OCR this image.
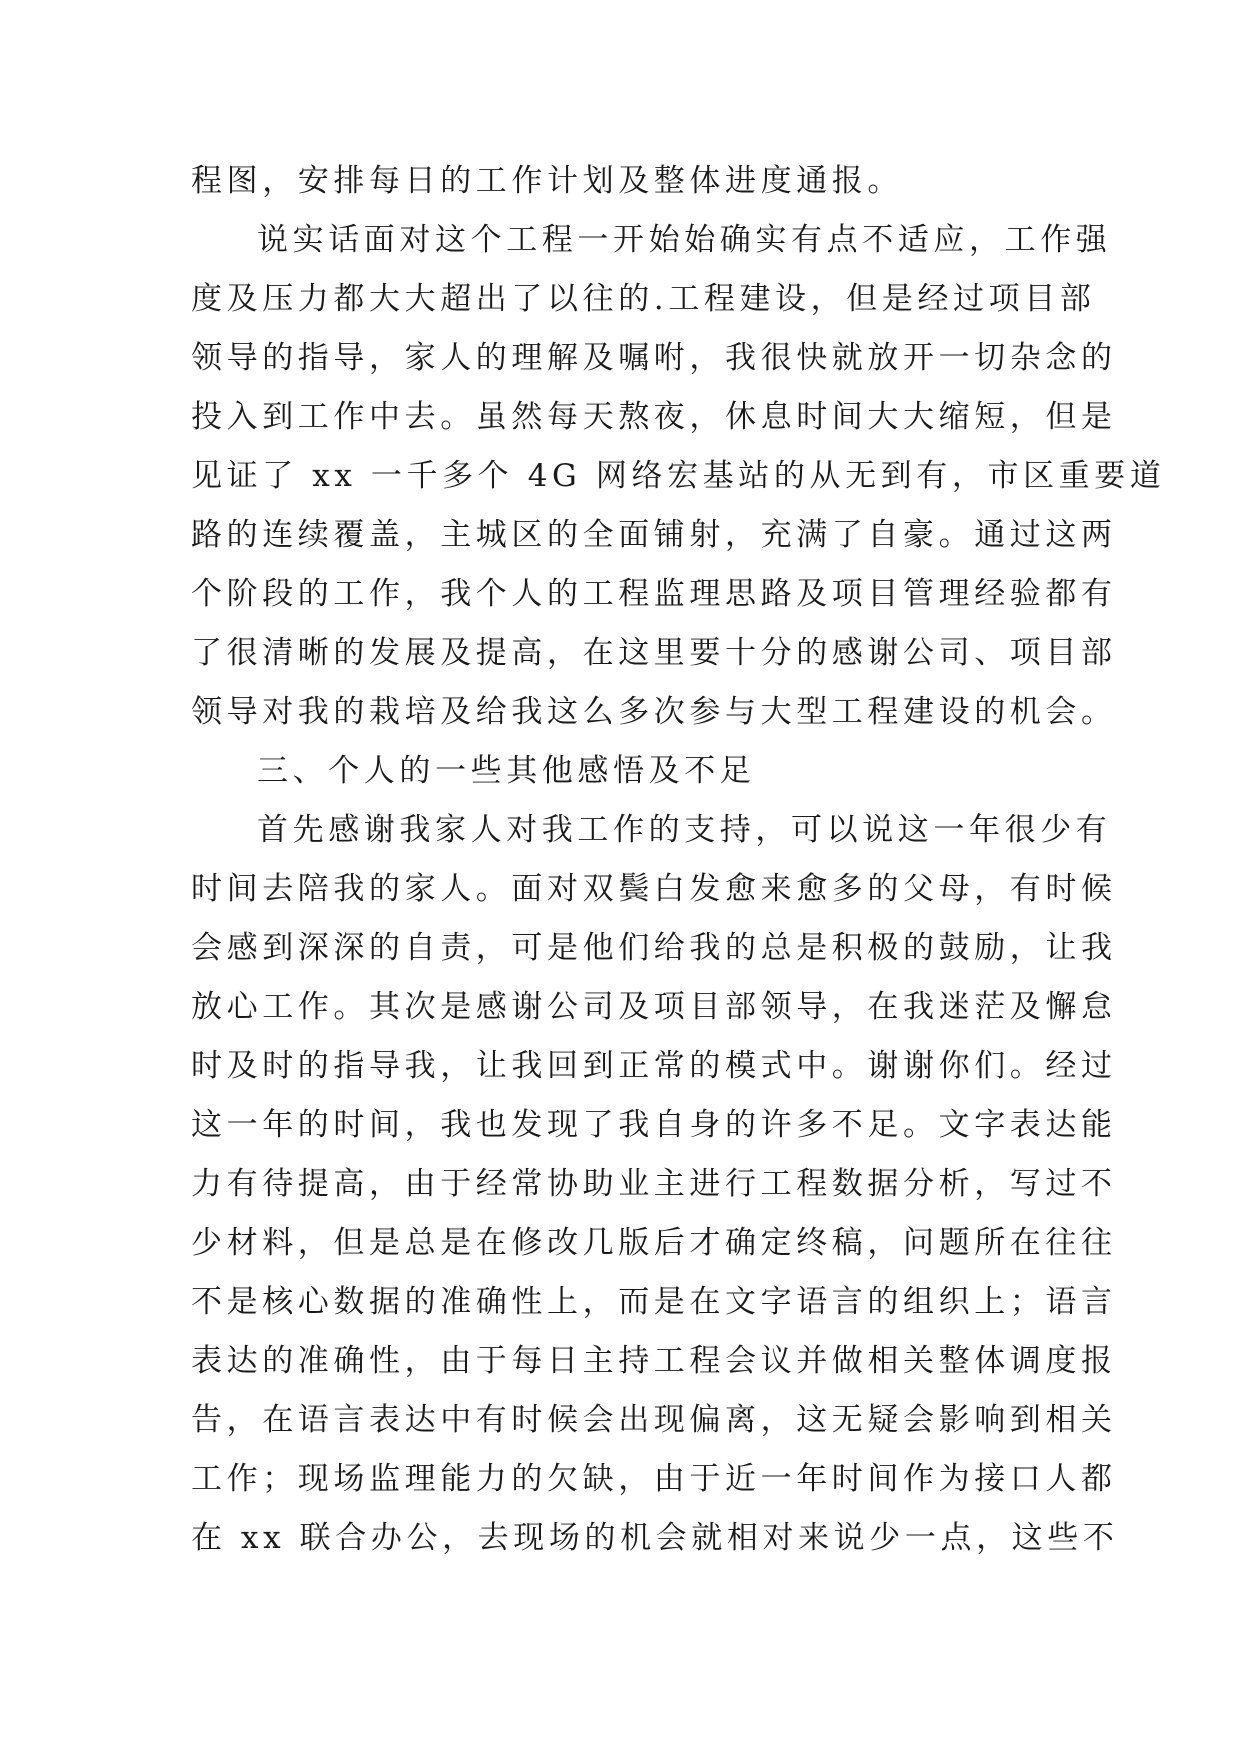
程图，安排每日的工作计划及整体进度通报。
说实话面对这个工程一开始始确实有点不适应，工作强
度及压力都大大超出了以往的.工程建设，但是经过项目部
领导的指导，家人的理解及嘱咐，我很快就放开一切杂念的
投入到工作中去。虽然每天熬夜，休息时间大大缩短，但是
见证了 xx 一千多个 4G 网络宏基站的从无到有，市区重要道
路的连续覆盖，主城区的全面铺射，充满了自豪。通过这两
个阶段的工作，我个人的工程监理思路及项目管理经验都有
了很清晰的发展及提高，在这里要十分的感谢公司、项目部
领导对我的栽培及给我这么多次参与大型工程建设的机会。
三、个人的一些其他感悟及不足
首先感谢我家人对我工作的支持，可以说这一年很少有
时间去陪我的家人。面对双鬓白发愈来愈多的父母，有时候
会感到深深的自责，可是他们给我的总是积极的鼓励，让我
放心工作。其次是感谢公司及项目部领导，在我迷茫及懈怠
时及时的指导我，让我回到正常的模式中。谢谢你们。经过
这一年的时间，我也发现了我自身的许多不足。文字表达能
力有待提高，由于经常协助业主进行工程数据分析，写过不
少材料，但是总是在修改几版后才确定终稿，问题所在往往
不是核心数据的准确性上，而是在文字语言的组织上；语言
表达的准确性，由于每日主持工程会议并做相关整体调度报
告，在语言表达中有时候会出现偏离，这无疑会影响到相关
工作；现场监理能力的欠缺，由于近一年时间作为接口人都
在 xx 联合办公，去现场的机会就相对来说少一点，这些不
